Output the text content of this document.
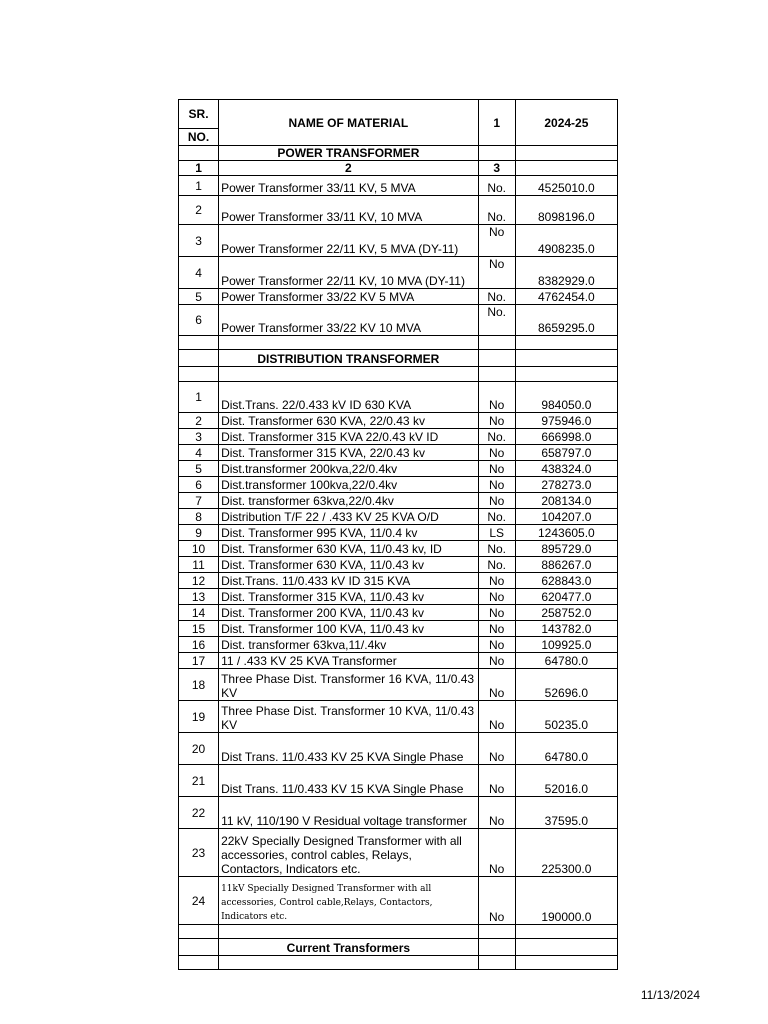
SR.	NAME OF MATERIAL	1	2024-25
NO.			
	POWER TRANSFORMER		
1	2	3	
1	Power Transformer 33/11 KV, 5 MVA	No.	4525010.0
2	Power Transformer 33/11 KV, 10 MVA	No.	8098196.0
3	Power Transformer 22/11 KV, 5 MVA (DY-11)	No	4908235.0
4	Power Transformer 22/11 KV, 10 MVA (DY-11)	No	8382929.0
5	Power Transformer 33/22 KV 5 MVA	No.	4762454.0
6	Power Transformer 33/22 KV 10 MVA	No.	8659295.0

	DISTRIBUTION TRANSFORMER		

1	Dist.Trans. 22/0.433 kV ID 630 KVA	No	984050.0
2	Dist. Transformer 630 KVA, 22/0.43 kv	No	975946.0
3	Dist. Transformer 315 KVA 22/0.43 kV ID	No.	666998.0
4	Dist. Transformer 315 KVA, 22/0.43 kv	No	658797.0
5	Dist.transformer 200kva,22/0.4kv	No	438324.0
6	Dist.transformer 100kva,22/0.4kv	No	278273.0
7	Dist. transformer 63kva,22/0.4kv	No	208134.0
8	Distribution T/F 22 / .433 KV 25 KVA O/D	No.	104207.0
9	Dist. Transformer 995 KVA, 11/0.4 kv	LS	1243605.0
10	Dist. Transformer 630 KVA, 11/0.43 kv, ID	No.	895729.0
11	Dist. Transformer 630 KVA, 11/0.43 kv	No.	886267.0
12	Dist.Trans. 11/0.433 kV ID 315 KVA	No	628843.0
13	Dist. Transformer 315 KVA, 11/0.43 kv	No	620477.0
14	Dist. Transformer 200 KVA, 11/0.43 kv	No	258752.0
15	Dist. Transformer 100 KVA, 11/0.43 kv	No	143782.0
16	Dist. transformer 63kva,11/.4kv	No	109925.0
17	11 / .433 KV 25 KVA Transformer	No	64780.0
18	Three Phase Dist. Transformer 16 KVA, 11/0.43 KV	No	52696.0
19	Three Phase Dist. Transformer 10 KVA, 11/0.43 KV	No	50235.0
20	Dist Trans. 11/0.433 KV 25 KVA Single Phase	No	64780.0
21	Dist Trans. 11/0.433 KV 15 KVA Single Phase	No	52016.0
22	11 kV, 110/190 V Residual voltage transformer	No	37595.0
23	22kV Specially Designed Transformer with all accessories, control cables, Relays, Contactors, Indicators etc.	No	225300.0
24	11kV Specially Designed Transformer with all accessories, Control cable,Relays, Contactors, Indicators etc.	No	190000.0

	Current Transformers		

11/13/2024
